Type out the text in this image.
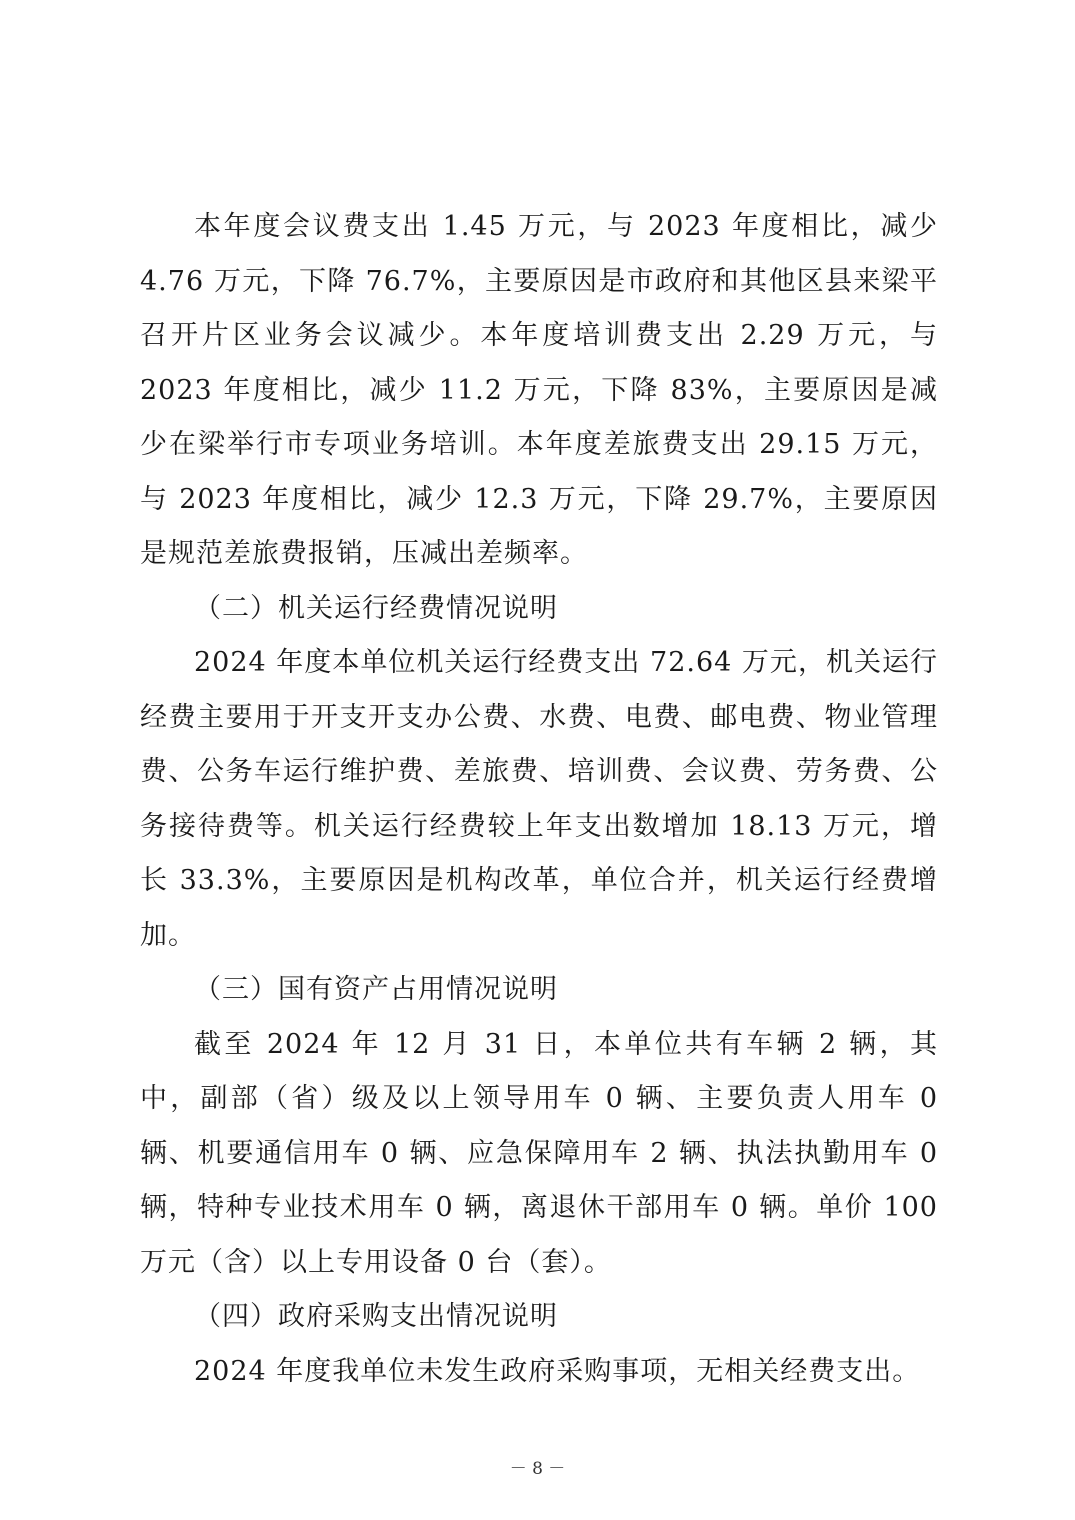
本年度会议费支出 1.45 万元，与 2023 年度相比，减少 4.76 万元，下降 76.7%，主要原因是市政府和其他区县来梁平召开片区业务会议减少。本年度培训费支出 2.29 万元，与 2023 年度相比，减少 11.2 万元，下降 83%，主要原因是减少在梁举行市专项业务培训。本年度差旅费支出 29.15 万元，与 2023 年度相比，减少 12.3 万元，下降 29.7%，主要原因是规范差旅费报销，压减出差频率。

（二）机关运行经费情况说明

2024 年度本单位机关运行经费支出 72.64 万元，机关运行经费主要用于开支开支办公费、水费、电费、邮电费、物业管理费、公务车运行维护费、差旅费、培训费、会议费、劳务费、公务接待费等。机关运行经费较上年支出数增加 18.13 万元，增长 33.3%，主要原因是机构改革，单位合并，机关运行经费增加。

（三）国有资产占用情况说明

截至 2024 年 12 月 31 日，本单位共有车辆 2 辆，其中，副部（省）级及以上领导用车 0 辆、主要负责人用车 0 辆、机要通信用车 0 辆、应急保障用车 2 辆、执法执勤用车 0 辆，特种专业技术用车 0 辆，离退休干部用车 0 辆。单价 100 万元（含）以上专用设备 0 台（套）。

（四）政府采购支出情况说明

2024 年度我单位未发生政府采购事项，无相关经费支出。

－ 8 －
